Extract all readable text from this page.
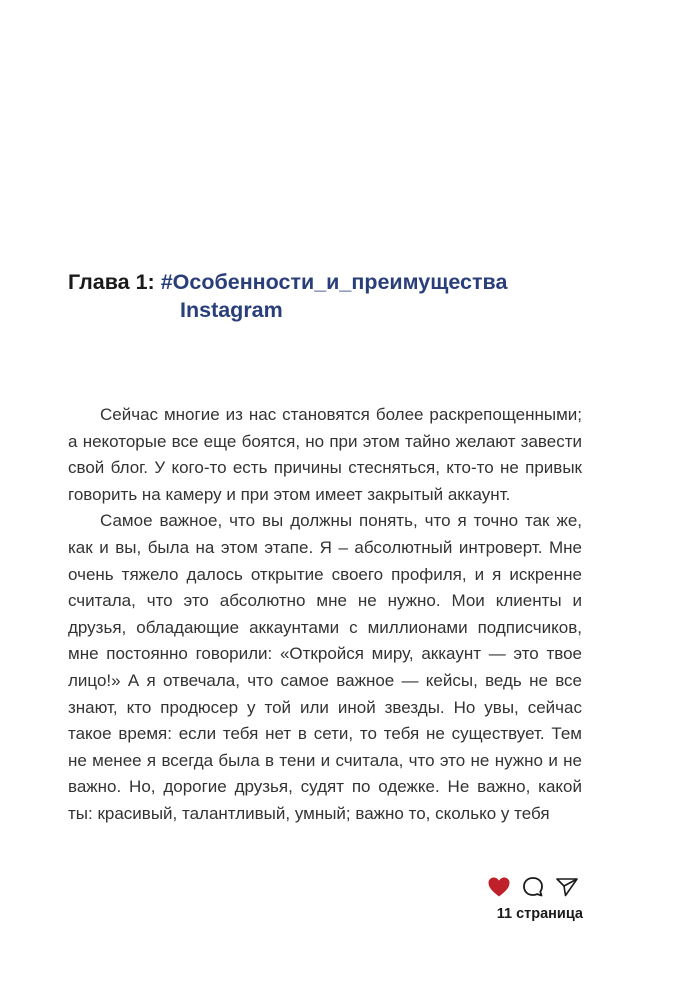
Глава 1: #Особенности_и_преимущества
Instagram

Сейчас многие из нас становятся более раскрепощенными; а некоторые все еще боятся, но при этом тайно желают завести свой блог. У кого-то есть причины стесняться, кто-то не привык говорить на камеру и при этом имеет закрытый аккаунт.

Самое важное, что вы должны понять, что я точно так же, как и вы, была на этом этапе. Я – абсолютный интроверт. Мне очень тяжело далось открытие своего профиля, и я искренне считала, что это абсолютно мне не нужно. Мои клиенты и друзья, обладающие аккаунтами с миллионами подписчиков, мне постоянно говорили: «Откройся миру, аккаунт — это твое лицо!» А я отвечала, что самое важное — кейсы, ведь не все знают, кто продюсер у той или иной звезды. Но увы, сейчас такое время: если тебя нет в сети, то тебя не существует. Тем не менее я всегда была в тени и считала, что это не нужно и не важно. Но, дорогие друзья, судят по одежке. Не важно, какой ты: красивый, талантливый, умный; важно то, сколько у тебя

11 страница
